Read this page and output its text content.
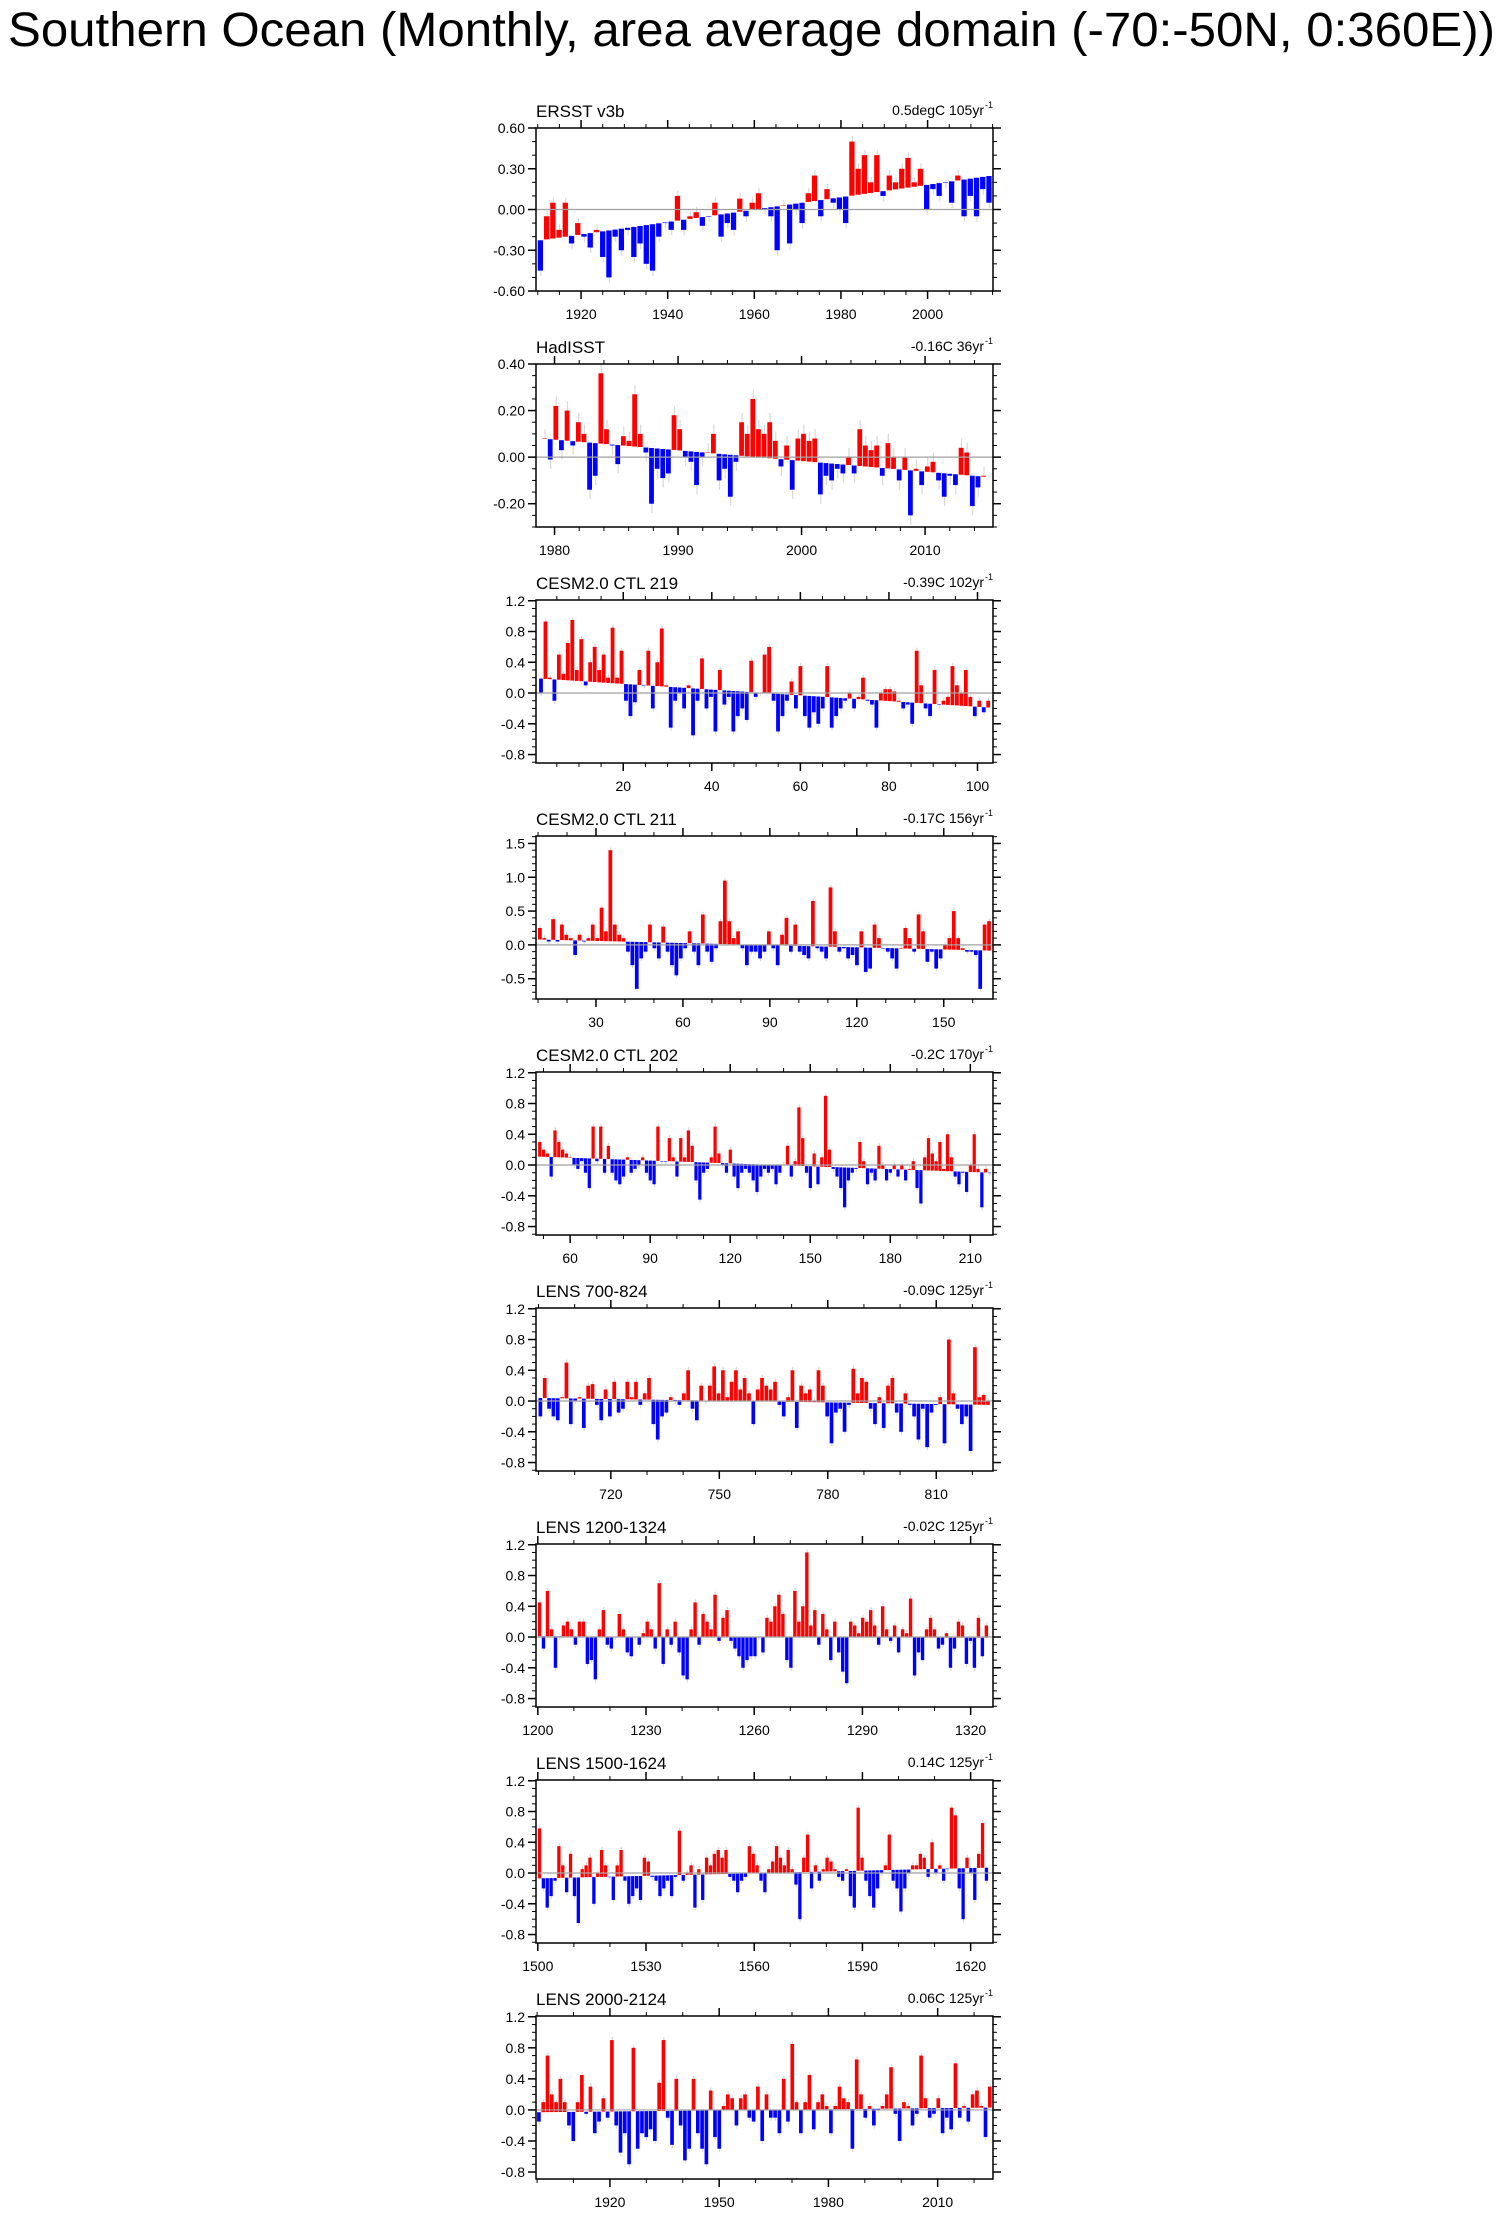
Southern Ocean (Monthly, area average domain (-70:-50N, 0:360E))
0.60
0.30
0.00
-0.30
-0.60
1920	1940	1960	1980	2000
ERSST v3b	0.5degC 105yr -1
0.40
0.20
0.00
-0.20
1980	1990	2000	2010
HadISST	-0.16C 36yr -1
1.2
0.8
0.4
0.0
-0.4
-0.8
20	40	60	80	100
CESM2.0 CTL 219	-0.39C 102yr -1
1.5
1.0
0.5
0.0
-0.5
30	60	90	120	150
CESM2.0 CTL 211	-0.17C 156yr -1
1.2
0.8
0.4
0.0
-0.4
-0.8
60	90	120	150	180	210
CESM2.0 CTL 202	-0.2C 170yr -1
1.2
0.8
0.4
0.0
-0.4
-0.8
720	750	780	810
LENS 700-824	-0.09C 125yr -1
1.2
0.8
0.4
0.0
-0.4
-0.8
1200	1230	1260	1290	1320
LENS 1200-1324	-0.02C 125yr -1
1.2
0.8
0.4
0.0
-0.4
-0.8
1500	1530	1560	1590	1620
LENS 1500-1624	0.14C 125yr -1
1.2
0.8
0.4
0.0
-0.4
-0.8
1920	1950	1980	2010
LENS 2000-2124	0.06C 125yr -1
